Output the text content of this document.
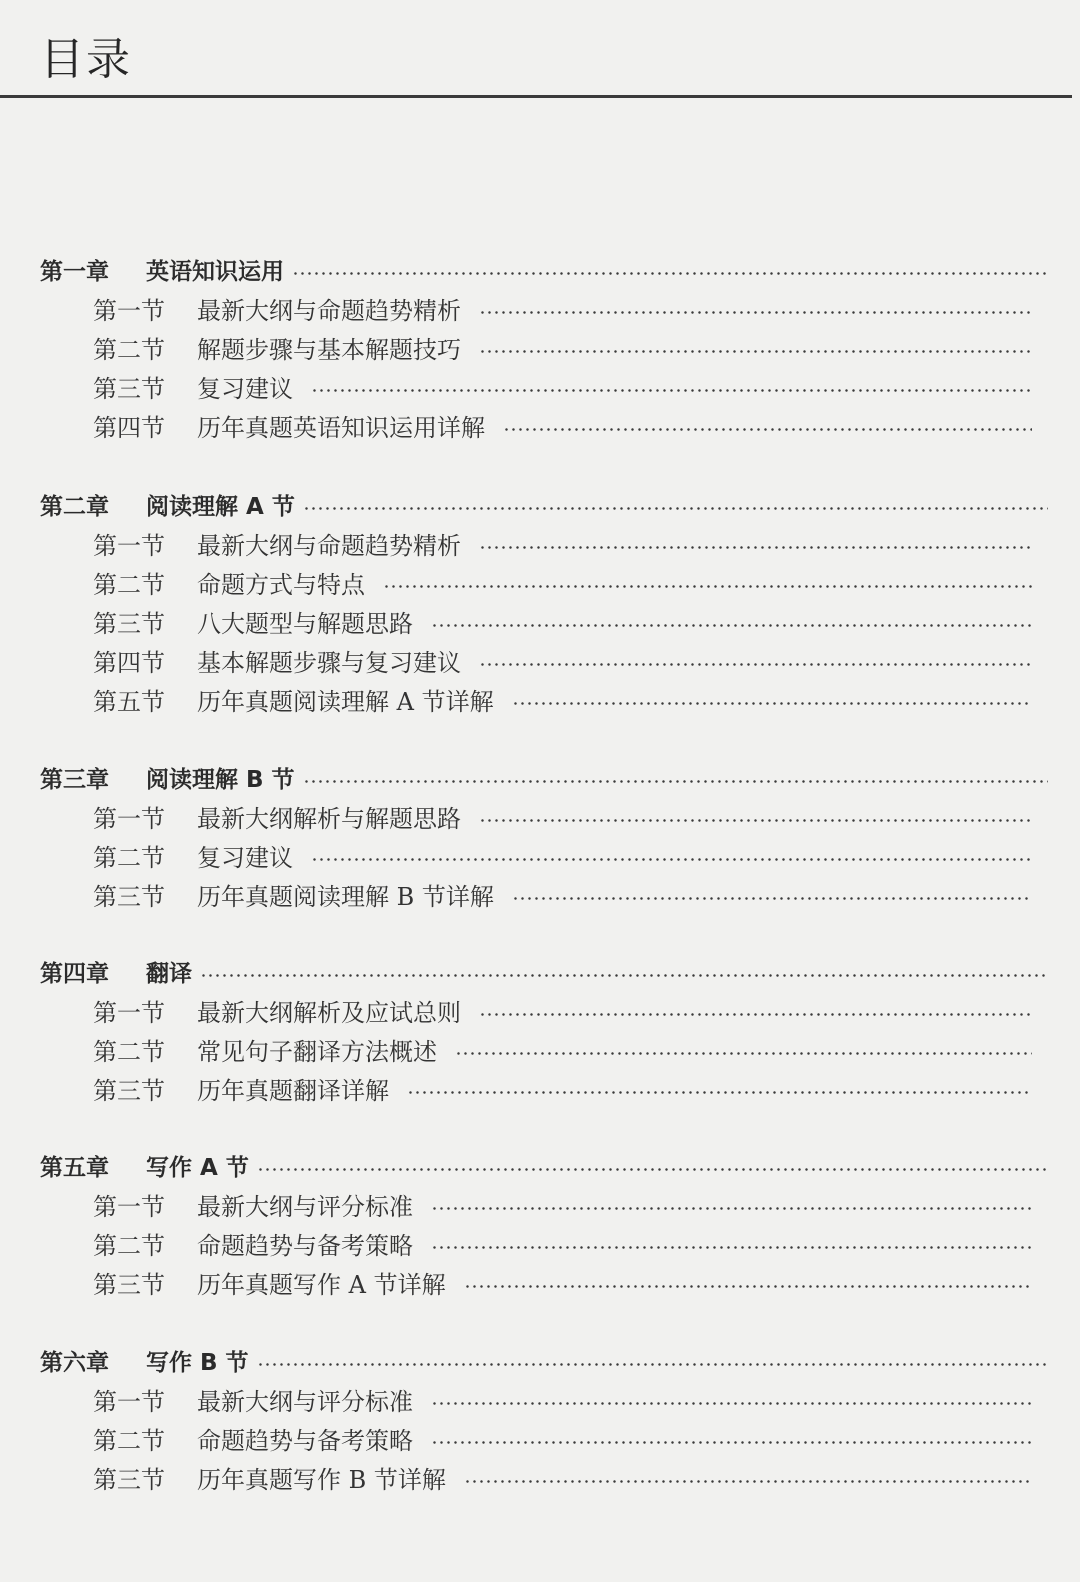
目录
第一章	英语知识运用
第一节	最新大纲与命题趋势精析
第二节	解题步骤与基本解题技巧
第三节	复习建议
第四节	历年真题英语知识运用详解
第二章	阅读理解 A 节
第一节	最新大纲与命题趋势精析
第二节	命题方式与特点
第三节	八大题型与解题思路
第四节	基本解题步骤与复习建议
第五节	历年真题阅读理解 A 节详解
第三章	阅读理解 B 节
第一节	最新大纲解析与解题思路
第二节	复习建议
第三节	历年真题阅读理解 B 节详解
第四章	翻译
第一节	最新大纲解析及应试总则
第二节	常见句子翻译方法概述
第三节	历年真题翻译详解
第五章	写作 A 节
第一节	最新大纲与评分标准
第二节	命题趋势与备考策略
第三节	历年真题写作 A 节详解
第六章	写作 B 节
第一节	最新大纲与评分标准
第二节	命题趋势与备考策略
第三节	历年真题写作 B 节详解
